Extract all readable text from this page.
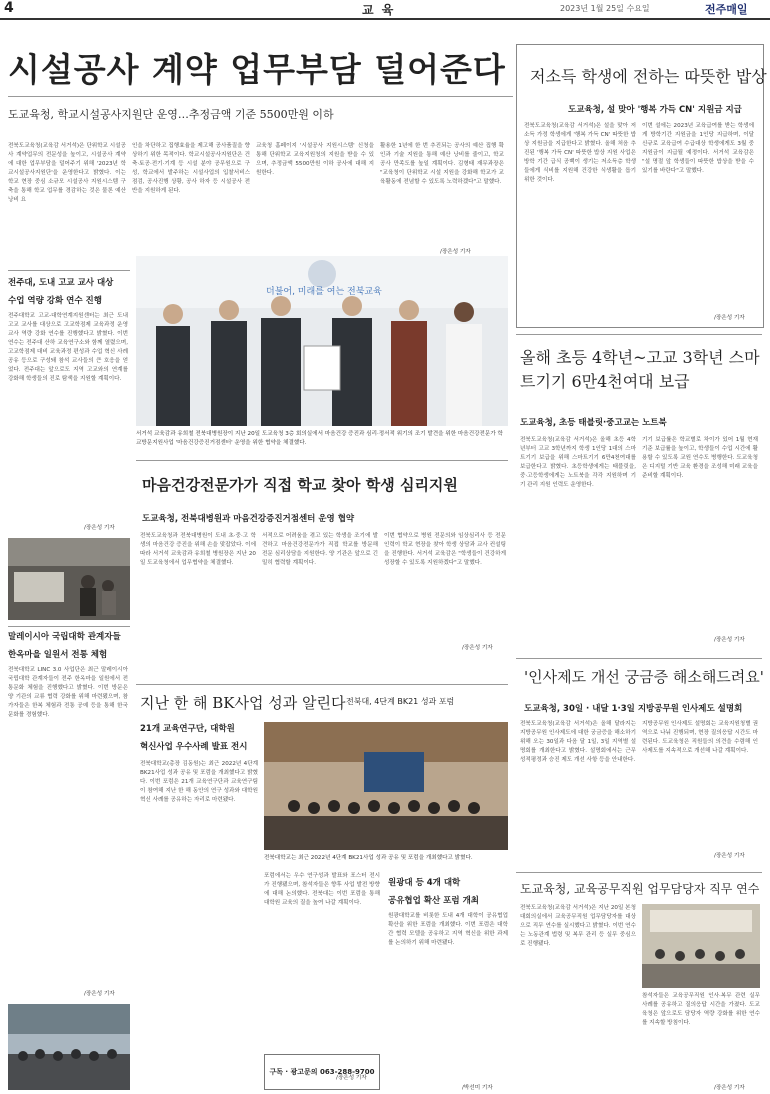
4	교 육	2023년 1월 25일 수요일	전주매일
시설공사 계약 업무부담 덜어준다
도교육청, 학교시설공사지원단 운영…추정금액 기준 5500만원 이하
전북도교육청(교육감 서거석)은 단위학교 시설공사 계약업무의 전문성을 높이고, 시설공사 계약에 대한 업무부담을 덜어주기 위해 '2023년 학교시설공사지원단'을 운영한다고 밝혔다. 이는 학교 현장 중심 소규모 시설공사 지원시스템 구축을 통해 학교 업무를 경감하는 것은 물론 예산 낭비 요
인을 차단하고 집행효율을 제고해 공사품질을 향상하기 위한 목적이다. 학교시설공사지원단은 건축·토공·전기·기계 등 시설 분야 공무원으로 구성, 학교에서 발주하는 시설사업의 입찰서비스 점검, 공사진행 상황, 공사 하자 등 시설공사 전반을 지원하게 된다.
교육청 홈페이지 '시설공사 지원시스템' 신청을 통해 단위학교 교육지원청의 지원을 받을 수 있으며, 추정금액 5500만원 이하 공사에 대해 지원한다.
활용한 1년에 한 번 추진되는 공사의 예산 집행 확인과 기술 지원을 통해 예산 낭비를 줄이고, 학교 공사 만족도를 높일 계획이다. 김형태 재무과장은 "교육청이 단위학교 시설 지원을 강화해 학교가 교육활동에 전념할 수 있도록 노력하겠다"고 말했다.
/장은성 기자
저소득 학생에 전하는 따뜻한 밥상
도교육청, 설 맞아 '행복 가득 CN' 지원금 지급
전북도교육청(교육감 서거석)은 설을 맞아 저소득 가정 학생에게 '행복 가득 CN' 따뜻한 밥상 지원금을 지급한다고 밝혔다. 올해 처음 추진된 '행복 가득 CN' 따뜻한 밥상 지원 사업은 방학 기간 급식 공백이 생기는 저소득층 학생들에게 식비를 지원해 건강한 식생활을 돕기 위한 것이다.
이번 설에는 2023년 교육급여를 받는 학생에게 방학기간 지원금을 1인당 지급하며, 이달 신규로 교육급여 수급대상 학생에게도 3월 중 지원금이 지급될 예정이다. 서거석 교육감은 "설 명절 앞 학생들이 따뜻한 밥상을 받을 수 있기를 바란다"고 말했다.
/장은성 기자
전주대, 도내 고교 교사 대상
수업 역량 강화 연수 진행
전주대학교 고교-대학연계지원센터는 최근 도내 고교 교사를 대상으로 고교학점제 교육과정 운영 교사 역량 강화 연수를 진행했다고 밝혔다. 이번 연수는 전주대 산하 교육연구소와 함께 열렸으며, 고교학점제 대비 교육과정 편성과 수업 혁신 사례 공유 등으로 구성돼 참석 교사들의 큰 호응을 얻었다. 전주대는 앞으로도 지역 고교와의 연계를 강화해 학생들의 진로 탐색을 지원할 계획이다.
/장은성 기자
더불어, 미래를 여는 전북교육
서거석 교육감과 유희철 전북대병원장이 지난 20일 도교육청 3층 회의실에서 마음건강 증진과 심리·정서적 위기의 조기 발견을 위한 마음건강전문가 학교방문지원사업 '마음건강증진거점센터' 운영을 위한 협약을 체결했다.
마음건강전문가가 직접 학교 찾아 학생 심리지원
도교육청, 전북대병원과 마음건강증진거점센터 운영 협약
전북도교육청과 전북대병원이 도내 초·중·고 학생의 마음건강 증진을 위해 손을 맞잡았다. 이에 따라 서거석 교육감과 유희철 병원장은 지난 20일 도교육청에서 업무협약을 체결했다.
서적으로 어려움을 겪고 있는 학생을 조기에 발견하고 마음건강전문가가 직접 학교를 방문해 전문 심리상담을 지원한다. 양 기관은 앞으로 긴밀히 협력할 계획이다.
이번 협약으로 병원 전문의와 임상심리사 등 전문 인력이 학교 현장을 찾아 학생 상담과 교사 컨설팅을 진행한다. 서거석 교육감은 "학생들이 건강하게 성장할 수 있도록 지원하겠다"고 말했다.
/장은성 기자
올해 초등 4학년~고교 3학년 스마트기기 6만4천여대 보급
도교육청, 초등 태블릿·중고교는 노트북
전북도교육청(교육감 서거석)은 올해 초등 4학년부터 고교 3학년까지 학생 1인당 1대의 스마트기기 보급을 위해 스마트기기 6만4천여대를 보급한다고 밝혔다. 초등학생에게는 태블릿을, 중·고등학생에게는 노트북을 각각 지원하며 기기 관리 지원 인력도 운영한다.
기기 보급률은 학교별로 차이가 있어 1월 현재 기준 보급률을 높이고, 학생들이 수업 시간에 활용할 수 있도록 교원 연수도 병행한다. 도교육청은 디지털 기반 교육 환경을 조성해 미래 교육을 준비할 계획이다.
/장은성 기자
말레이시아 국립대학 관계자들
한옥마을 일원서 전통 체험
전북대학교 LINC 3.0 사업단은 최근 말레이시아 국립대학 관계자들이 전주 한옥마을 일원에서 전통문화 체험을 진행했다고 밝혔다. 이번 방문은 양 기관의 교류 협력 강화를 위해 마련됐으며, 참가자들은 한복 체험과 전통 공예 등을 통해 한국 문화를 경험했다.
/장은성 기자
'인사제도 개선 궁금증 해소해드려요'
도교육청, 30일 · 내달 1·3일 지방공무원 인사제도 설명회
전북도교육청(교육감 서거석)은 올해 달라지는 지방공무원 인사제도에 대한 궁금증을 해소하기 위해 오는 30일과 다음 달 1일, 3일 지역별 설명회를 개최한다고 밝혔다. 설명회에서는 근무성적평정과 승진 제도 개선 사항 등을 안내한다.
지방공무원 인사제도 설명회는 교육지원청별 권역으로 나눠 진행되며, 현장 질의응답 시간도 마련된다. 도교육청은 직원들의 의견을 수렴해 인사제도를 지속적으로 개선해 나갈 계획이다.
/장은성 기자
도교육청, 교육공무직원 업무담당자 직무 연수
전북도교육청(교육감 서거석)은 지난 20일 본청 대회의실에서 교육공무직원 업무담당자를 대상으로 직무 연수를 실시했다고 밝혔다. 이번 연수는 노동관계 법령 및 복무 관리 등 실무 중심으로 진행됐다.
참석자들은 교육공무직원 인사·복무 관련 실무 사례를 공유하고 질의응답 시간을 가졌다. 도교육청은 앞으로도 담당자 역량 강화를 위한 연수를 지속할 방침이다.
/장은성 기자
지난 한 해 BK사업 성과 알린다 전북대, 4단계 BK21 성과 포럼
21개 교육연구단, 대학원
혁신사업 우수사례 발표 전시
전북대학교(총장 김동원)는 최근 2022년 4단계 BK21사업 성과 공유 및 포럼을 개최했다고 밝혔다. 이번 포럼은 21개 교육연구단과 교육연구팀이 참여해 지난 한 해 동안의 연구 성과와 대학원 혁신 사례를 공유하는 자리로 마련됐다.
전북대학교는 최근 2022년 4단계 BK21사업 성과 공유 및 포럼을 개최했다고 밝혔다.
포럼에서는 우수 연구성과 발표와 포스터 전시가 진행됐으며, 참석자들은 향후 사업 발전 방향에 대해 논의했다. 전북대는 이번 포럼을 통해 대학원 교육의 질을 높여 나갈 계획이다.
/장은성 기자
원광대 등 4개 대학
공유협업 확산 포럼 개최
원광대학교를 비롯한 도내 4개 대학이 공유협업 확산을 위한 포럼을 개최했다. 이번 포럼은 대학 간 협력 모델을 공유하고 지역 혁신을 위한 과제를 논의하기 위해 마련됐다.
/박선미 기자
구독 · 광고문의 063-288-9700
